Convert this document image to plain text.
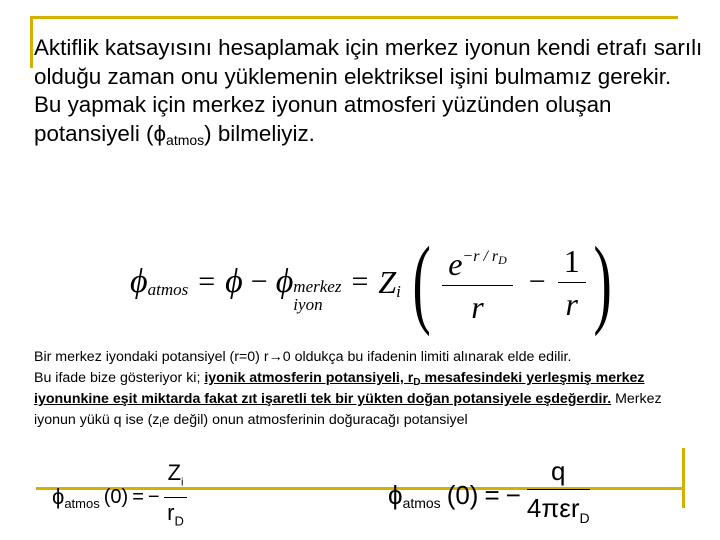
Aktiflik katsayısını hesaplamak için merkez iyonun kendi etrafı sarılı olduğu zaman onu yüklemenin elektriksel işini bulmamız gerekir. Bu yapmak için merkez iyonun atmosferi yüzünden oluşan potansiyeli $(\phi_{atmos})$ bilmeliyiz.

ϕ atmos = ϕ − ϕ merkez
iyon
= Z i ( $\frac{e^{-r / rD}}{r} - \frac{1}{r}$ )

Bir merkez iyondaki potansiyel (r=0) r→0 oldukça bu ifadenin limiti alınarak elde edilir.
Bu ifade bize gösteriyor ki; iyonik atmosferin potansiyeli, $r_D$ mesafesindeki yerleşmiş merkez iyonunkine eşit miktarda fakat zıt işaretli tek bir yükten doğan potansiyele eşdeğerdir. Merkez iyonun yükü q ise ($z_ie$ değil) onun atmosferinin doğuracağı potansiyel

ϕ atmos (0) = − $\frac{Z_i}{r_D}$	ϕ atmos (0) = − $\frac{q}{4\pi\varepsilon r_D}$
